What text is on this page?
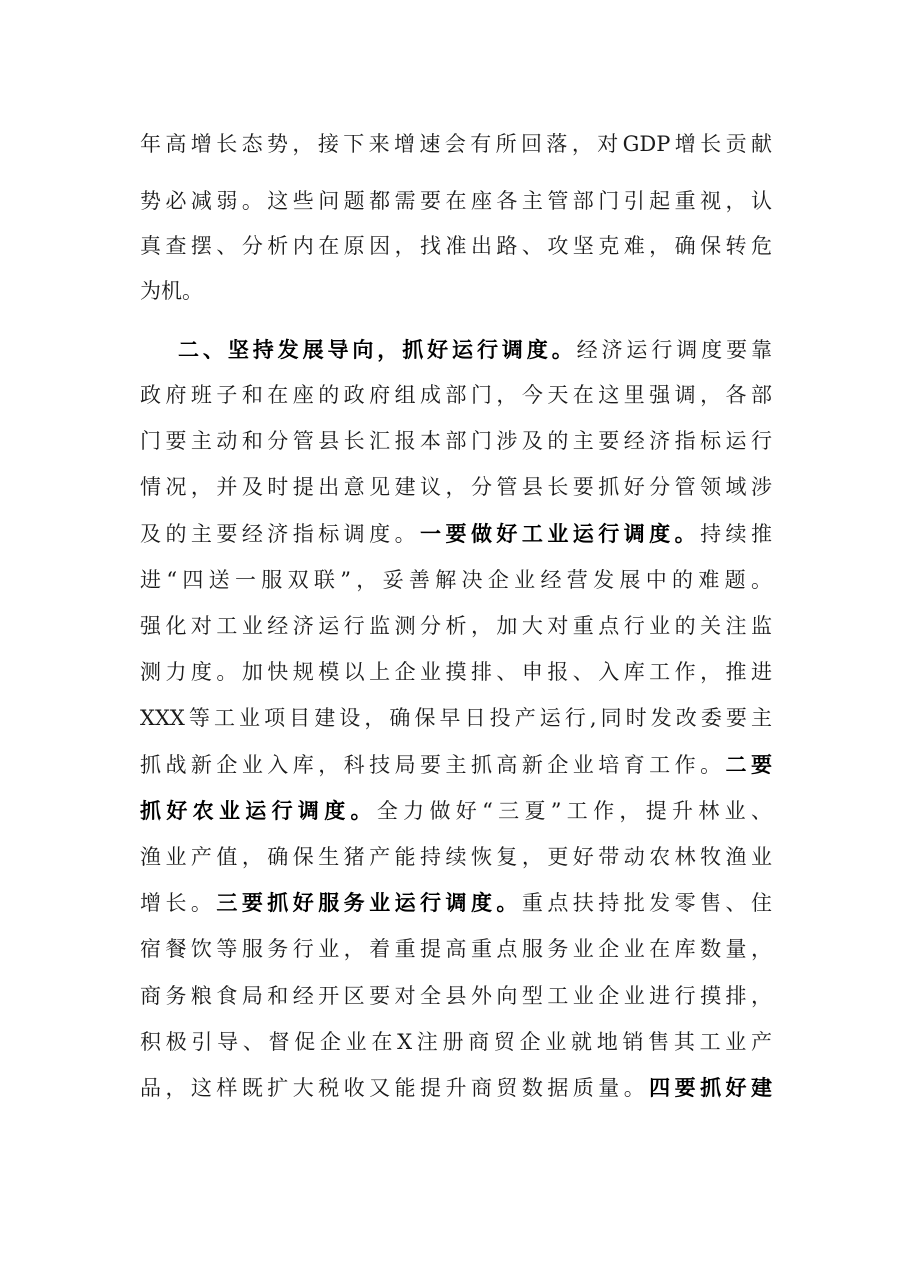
年高增长态势，接下来增速会有所回落，对GDP增长贡献
势必减弱。这些问题都需要在座各主管部门引起重视，认
真查摆、分析内在原因，找准出路、攻坚克难，确保转危
为机。
二、坚持发展导向，抓好运行调度。经济运行调度要靠
政府班子和在座的政府组成部门，今天在这里强调，各部
门要主动和分管县长汇报本部门涉及的主要经济指标运行
情况，并及时提出意见建议，分管县长要抓好分管领域涉
及的主要经济指标调度。一要做好工业运行调度。持续推
进“四送一服双联”，妥善解决企业经营发展中的难题。
强化对工业经济运行监测分析，加大对重点行业的关注监
测力度。加快规模以上企业摸排、申报、入库工作，推进
XXX等工业项目建设，确保早日投产运行,同时发改委要主
抓战新企业入库，科技局要主抓高新企业培育工作。二要
抓好农业运行调度。全力做好“三夏”工作，提升林业、
渔业产值，确保生猪产能持续恢复，更好带动农林牧渔业
增长。三要抓好服务业运行调度。重点扶持批发零售、住
宿餐饮等服务行业，着重提高重点服务业企业在库数量，
商务粮食局和经开区要对全县外向型工业企业进行摸排，
积极引导、督促企业在X注册商贸企业就地销售其工业产
品，这样既扩大税收又能提升商贸数据质量。四要抓好建
